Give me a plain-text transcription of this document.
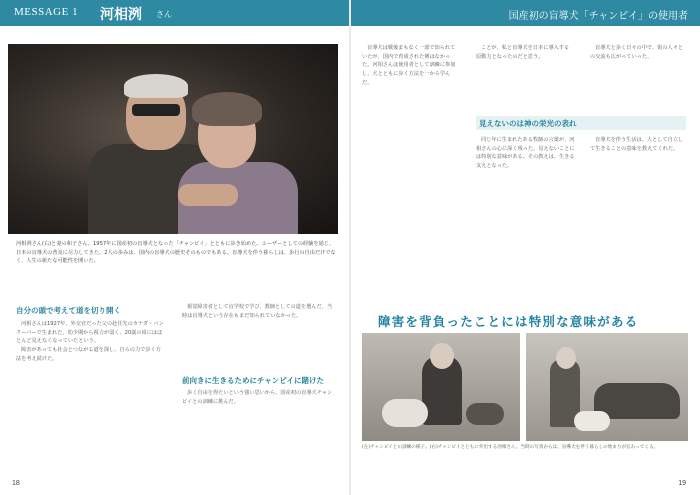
MESSAGE 1 河相洌 さん	国産初の盲導犬「チャンピイ」の使用者
河相洌さん(右)と妻の和子さん。1957年に国産初の盲導犬となった「チャンピイ」とともに歩き始めた。ユーザーとしての経験を通じ、日本の盲導犬の普及に尽力してきた。2人の歩みは、国内の盲導犬の歴史そのものでもある。盲導犬を伴う暮らしは、歩行の自由だけでなく、人生の新たな可能性を開いた。
自分の頭で考えて道を切り開く

河相さんは1927年、外交官だった父の赴任先のカナダ・バンクーバーで生まれた。幼少期から視力が弱く、20歳の頃にはほとんど見えなくなっていたという。

障害があっても社会とつながる道を探し、自らの力で歩く方法を考え続けた。

視覚障害者として盲学校で学び、教師としての道を選んだ。当時は盲導犬という存在もまだ知られていなかった。

前向きに生きるためにチャンピイに賭けた

歩く自由を得たいという強い思いから、国産初の盲導犬チャンピイとの訓練に挑んだ。

18

盲導犬は戦後まもなく一部で知られていたが、国内で育成された例はなかった。河相さんは使用者として訓練に参加し、犬とともに歩く方法を一から学んだ。

ことが、私と盲導犬を日本に導入する原動力となったのだと思う。

見えないのは神の栄光の表れ

同じ年に生まれたある牧師の言葉が、河相さんの心に深く残った。見えないことには特別な意味がある。その教えは、生きる支えとなった。

盲導犬と歩く日々の中で、街の人々との交流も広がっていった。

盲導犬を伴う生活は、人として自立して生きることの意味を教えてくれた。

障害を背負ったことには特別な意味がある
(左)チャンピイとの訓練の様子。(右)チャンピイとともに外出する河相さん。当時の写真からは、盲導犬を伴う暮らしの始まりが伝わってくる。
19
